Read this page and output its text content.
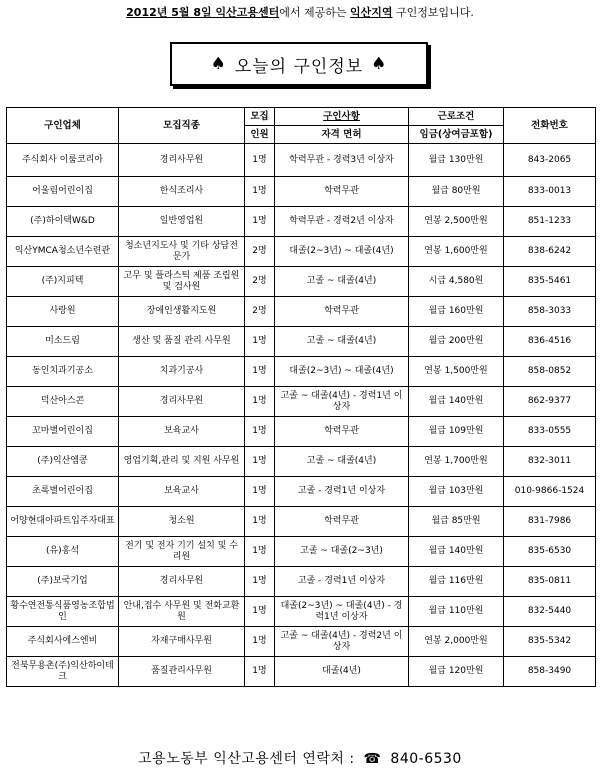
2012년 5월 8일 익산고용센터에서 제공하는 익산지역 구인정보입니다.
♠ 오늘의 구인정보 ♠
구인업체	모집직종	모집	구인사항	근로조건	전화번호
		인원	자격 면허	임금(상여금포함)	
주식회사 이룸코리아	경리사무원	1명	학력무관 - 경력3년 이상자	월급 130만원	843-2065
어울림어린이집	한식조리사	1명	학력무관	월급 80만원	833-0013
(주)하이텍W&D	일반영업원	1명	학력무관 - 경력2년 이상자	연봉 2,500만원	851-1233
익산YMCA청소년수련관	청소년지도사 및 기타 상담전문가	2명	대졸(2~3년) ~ 대졸(4년)	연봉 1,600만원	838-6242
(주)지피텍	고무 및 플라스틱 제품 조립원 및 검사원	2명	고졸 ~ 대졸(4년)	시급 4,580원	835-5461
사랑원	장애인생활지도원	2명	학력무관	월급 160만원	858-3033
미소드림	생산 및 품질 관리 사무원	1명	고졸 ~ 대졸(4년)	월급 200만원	836-4516
동인치과기공소	치과기공사	1명	대졸(2~3년) ~ 대졸(4년)	연봉 1,500만원	858-0852
덕산아스콘	경리사무원	1명	고졸 ~ 대졸(4년) - 경력1년 이상자	월급 140만원	862-9377
꼬마별어린이집	보육교사	1명	학력무관	월급 109만원	833-0555
(주)익산엠콩	영업기획,관리 및 지원 사무원	1명	고졸 ~ 대졸(4년)	연봉 1,700만원	832-3011
초록별어린이집	보육교사	1명	고졸 - 경력1년 이상자	월급 103만원	010-9866-1524
어양현대아파트입주자대표	청소원	1명	학력무관	월급 85만원	831-7986
(유)홍석	전기 및 전자 기기 설치 및 수리원	1명	고졸 ~ 대졸(2~3년)	월급 140만원	835-6530
(주)보국기업	경리사무원	1명	고졸 - 경력1년 이상자	월급 116만원	835-0811
황수연전통식품영농조합법인	안내,접수 사무원 및 전화교환원	1명	대졸(2~3년) ~ 대졸(4년) - 경력1년 이상자	월급 110만원	832-5440
주식회사에스엔비	자재구매사무원	1명	고졸 ~ 대졸(4년) - 경력2년 이상자	연봉 2,000만원	835-5342
전북무용촌(주)익산하이테크	품질관리사무원	1명	대졸(4년)	월급 120만원	858-3490
고용노동부 익산고용센터 연락처 : ☎ 840-6530
